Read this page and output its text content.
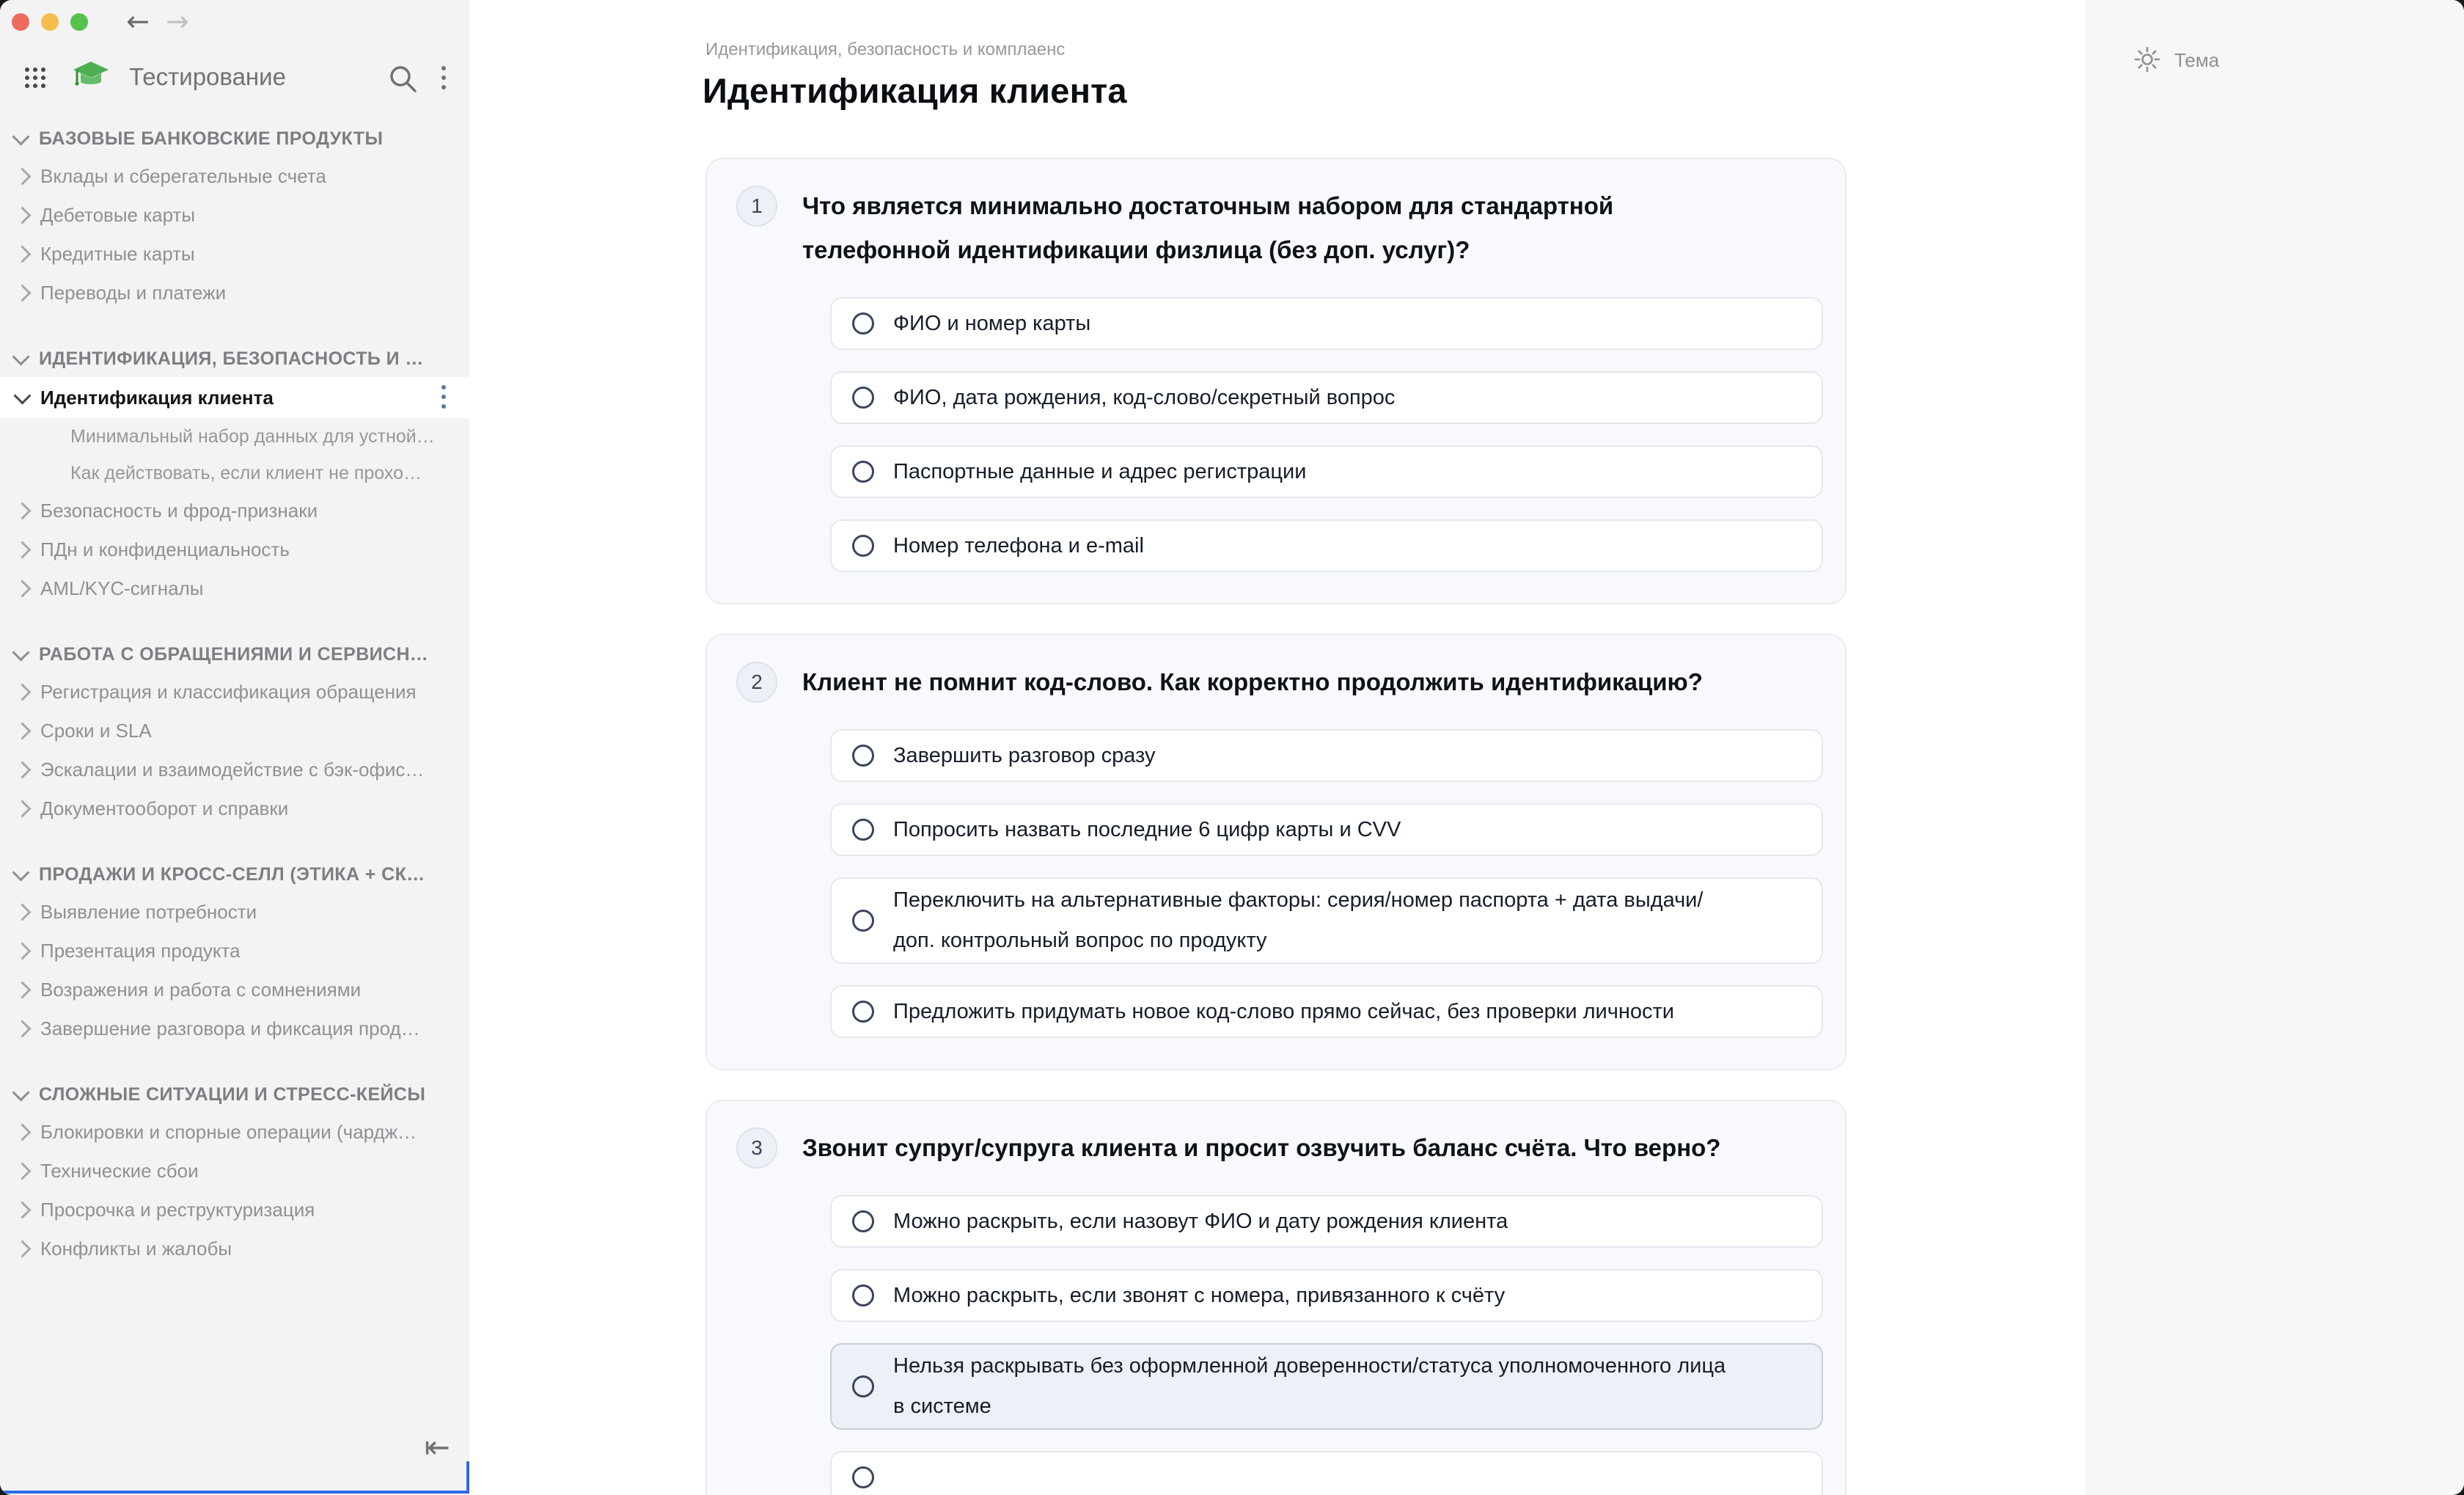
← →
Тестирование
БАЗОВЫЕ БАНКОВСКИЕ ПРОДУКТЫ
Вклады и сберегательные счета
Дебетовые карты
Кредитные карты
Переводы и платежи
ИДЕНТИФИКАЦИЯ, БЕЗОПАСНОСТЬ И …
Идентификация клиента
Минимальный набор данных для устной…
Как действовать, если клиент не прохо…
Безопасность и фрод-признаки
ПДн и конфиденциальность
AML/KYC-сигналы
РАБОТА С ОБРАЩЕНИЯМИ И СЕРВИСН…
Регистрация и классификация обращения
Сроки и SLA
Эскалации и взаимодействие с бэк-офис…
Документооборот и справки
ПРОДАЖИ И КРОСС-СЕЛЛ (ЭТИКА + СК…
Выявление потребности
Презентация продукта
Возражения и работа с сомнениями
Завершение разговора и фиксация прод…
СЛОЖНЫЕ СИТУАЦИИ И СТРЕСС-КЕЙСЫ
Блокировки и спорные операции (чардж…
Технические сбои
Просрочка и реструктуризация
Конфликты и жалобы
⇤
Идентификация, безопасность и комплаенс
Идентификация клиента
1	Что является минимально достаточным набором для стандартной телефонной идентификации физлица (без доп. услуг)?
ФИО и номер карты
ФИО, дата рождения, код-слово/секретный вопрос
Паспортные данные и адрес регистрации
Номер телефона и e-mail
2	Клиент не помнит код-слово. Как корректно продолжить идентификацию?
Завершить разговор сразу
Попросить назвать последние 6 цифр карты и CVV
Переключить на альтернативные факторы: серия/номер паспорта + дата выдачи/доп. контрольный вопрос по продукту
Предложить придумать новое код-слово прямо сейчас, без проверки личности
3	Звонит супруг/супруга клиента и просит озвучить баланс счёта. Что верно?
Можно раскрыть, если назовут ФИО и дату рождения клиента
Можно раскрыть, если звонят с номера, привязанного к счёту
Нельзя раскрывать без оформленной доверенности/статуса уполномоченного лица в системе
Тема
